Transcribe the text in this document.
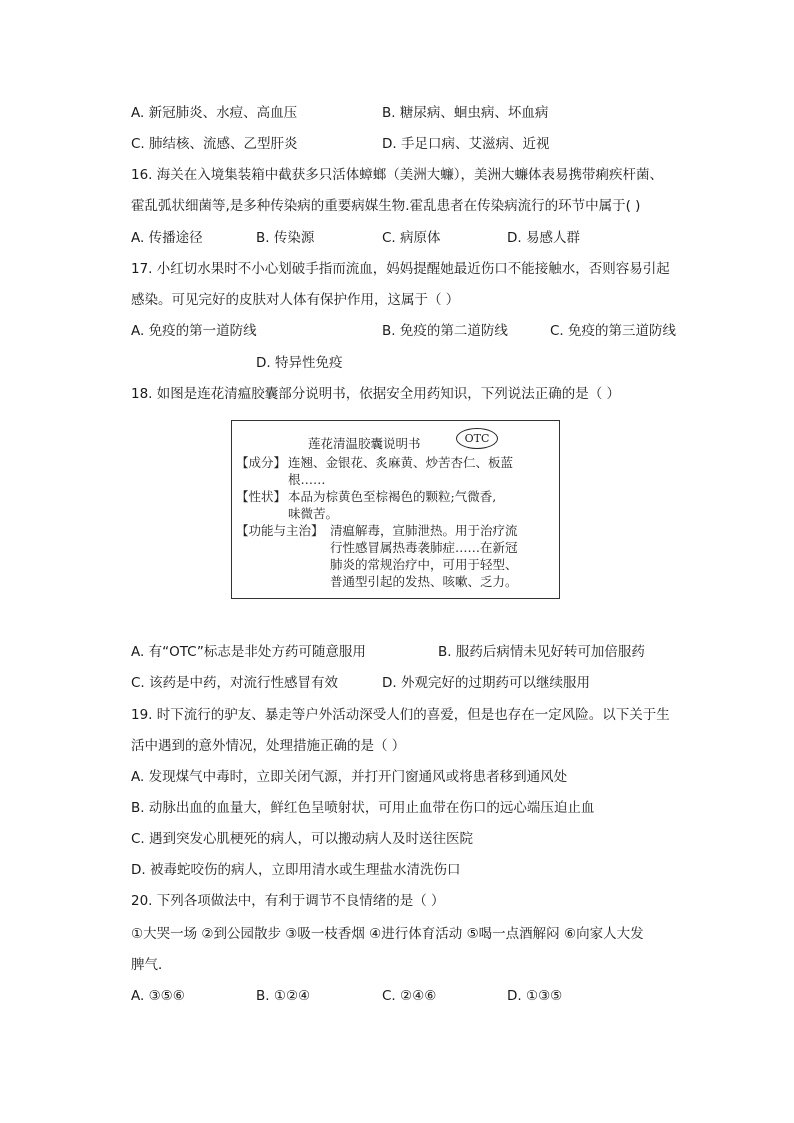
A. 新冠肺炎、水痘、高血压	B. 糖尿病、蛔虫病、坏血病
C. 肺结核、流感、乙型肝炎	D. 手足口病、艾滋病、近视
16. 海关在入境集装箱中截获多只活体蟑螂（美洲大蠊），美洲大蠊体表易携带痢疾杆菌、
霍乱弧状细菌等,是多种传染病的重要病媒生物.霍乱患者在传染病流行的环节中属于( )
A. 传播途径	B. 传染源	C. 病原体	D. 易感人群
17. 小红切水果时不小心划破手指而流血，妈妈提醒她最近伤口不能接触水，否则容易引起
感染。可见完好的皮肤对人体有保护作用，这属于（ ）
A. 免疫的第一道防线	B. 免疫的第二道防线	C. 免疫的第三道防线
D. 特异性免疫
18. 如图是连花清瘟胶囊部分说明书，依据安全用药知识，下列说法正确的是（ ）
莲花清温胶囊说明书	OTC
【成分】 连翘、金银花、炙麻黄、炒苦杏仁、板蓝
根……
【性状】 本品为棕黄色至棕褐色的颗粒;气微香,
味微苦。
【功能与主治】 清瘟解毒，宣肺泄热。用于治疗流
行性感冒属热毒袭肺症……在新冠
肺炎的常规治疗中，可用于轻型、
普通型引起的发热、咳嗽、乏力。
A. 有“OTC”标志是非处方药可随意服用	B. 服药后病情未见好转可加倍服药
C. 该药是中药，对流行性感冒有效	D. 外观完好的过期药可以继续服用
19. 时下流行的驴友、暴走等户外活动深受人们的喜爱，但是也存在一定风险。以下关于生
活中遇到的意外情况，处理措施正确的是（ ）
A. 发现煤气中毒时，立即关闭气源，并打开门窗通风或将患者移到通风处
B. 动脉出血的血量大，鲜红色呈喷射状，可用止血带在伤口的远心端压迫止血
C. 遇到突发心肌梗死的病人，可以搬动病人及时送往医院
D. 被毒蛇咬伤的病人，立即用清水或生理盐水清洗伤口
20. 下列各项做法中，有利于调节不良情绪的是（ ）
①大哭一场 ②到公园散步 ③吸一枝香烟 ④进行体育活动 ⑤喝一点酒解闷 ⑥向家人大发
脾气．
A. ③⑤⑥	B. ①②④	C. ②④⑥	D. ①③⑤
